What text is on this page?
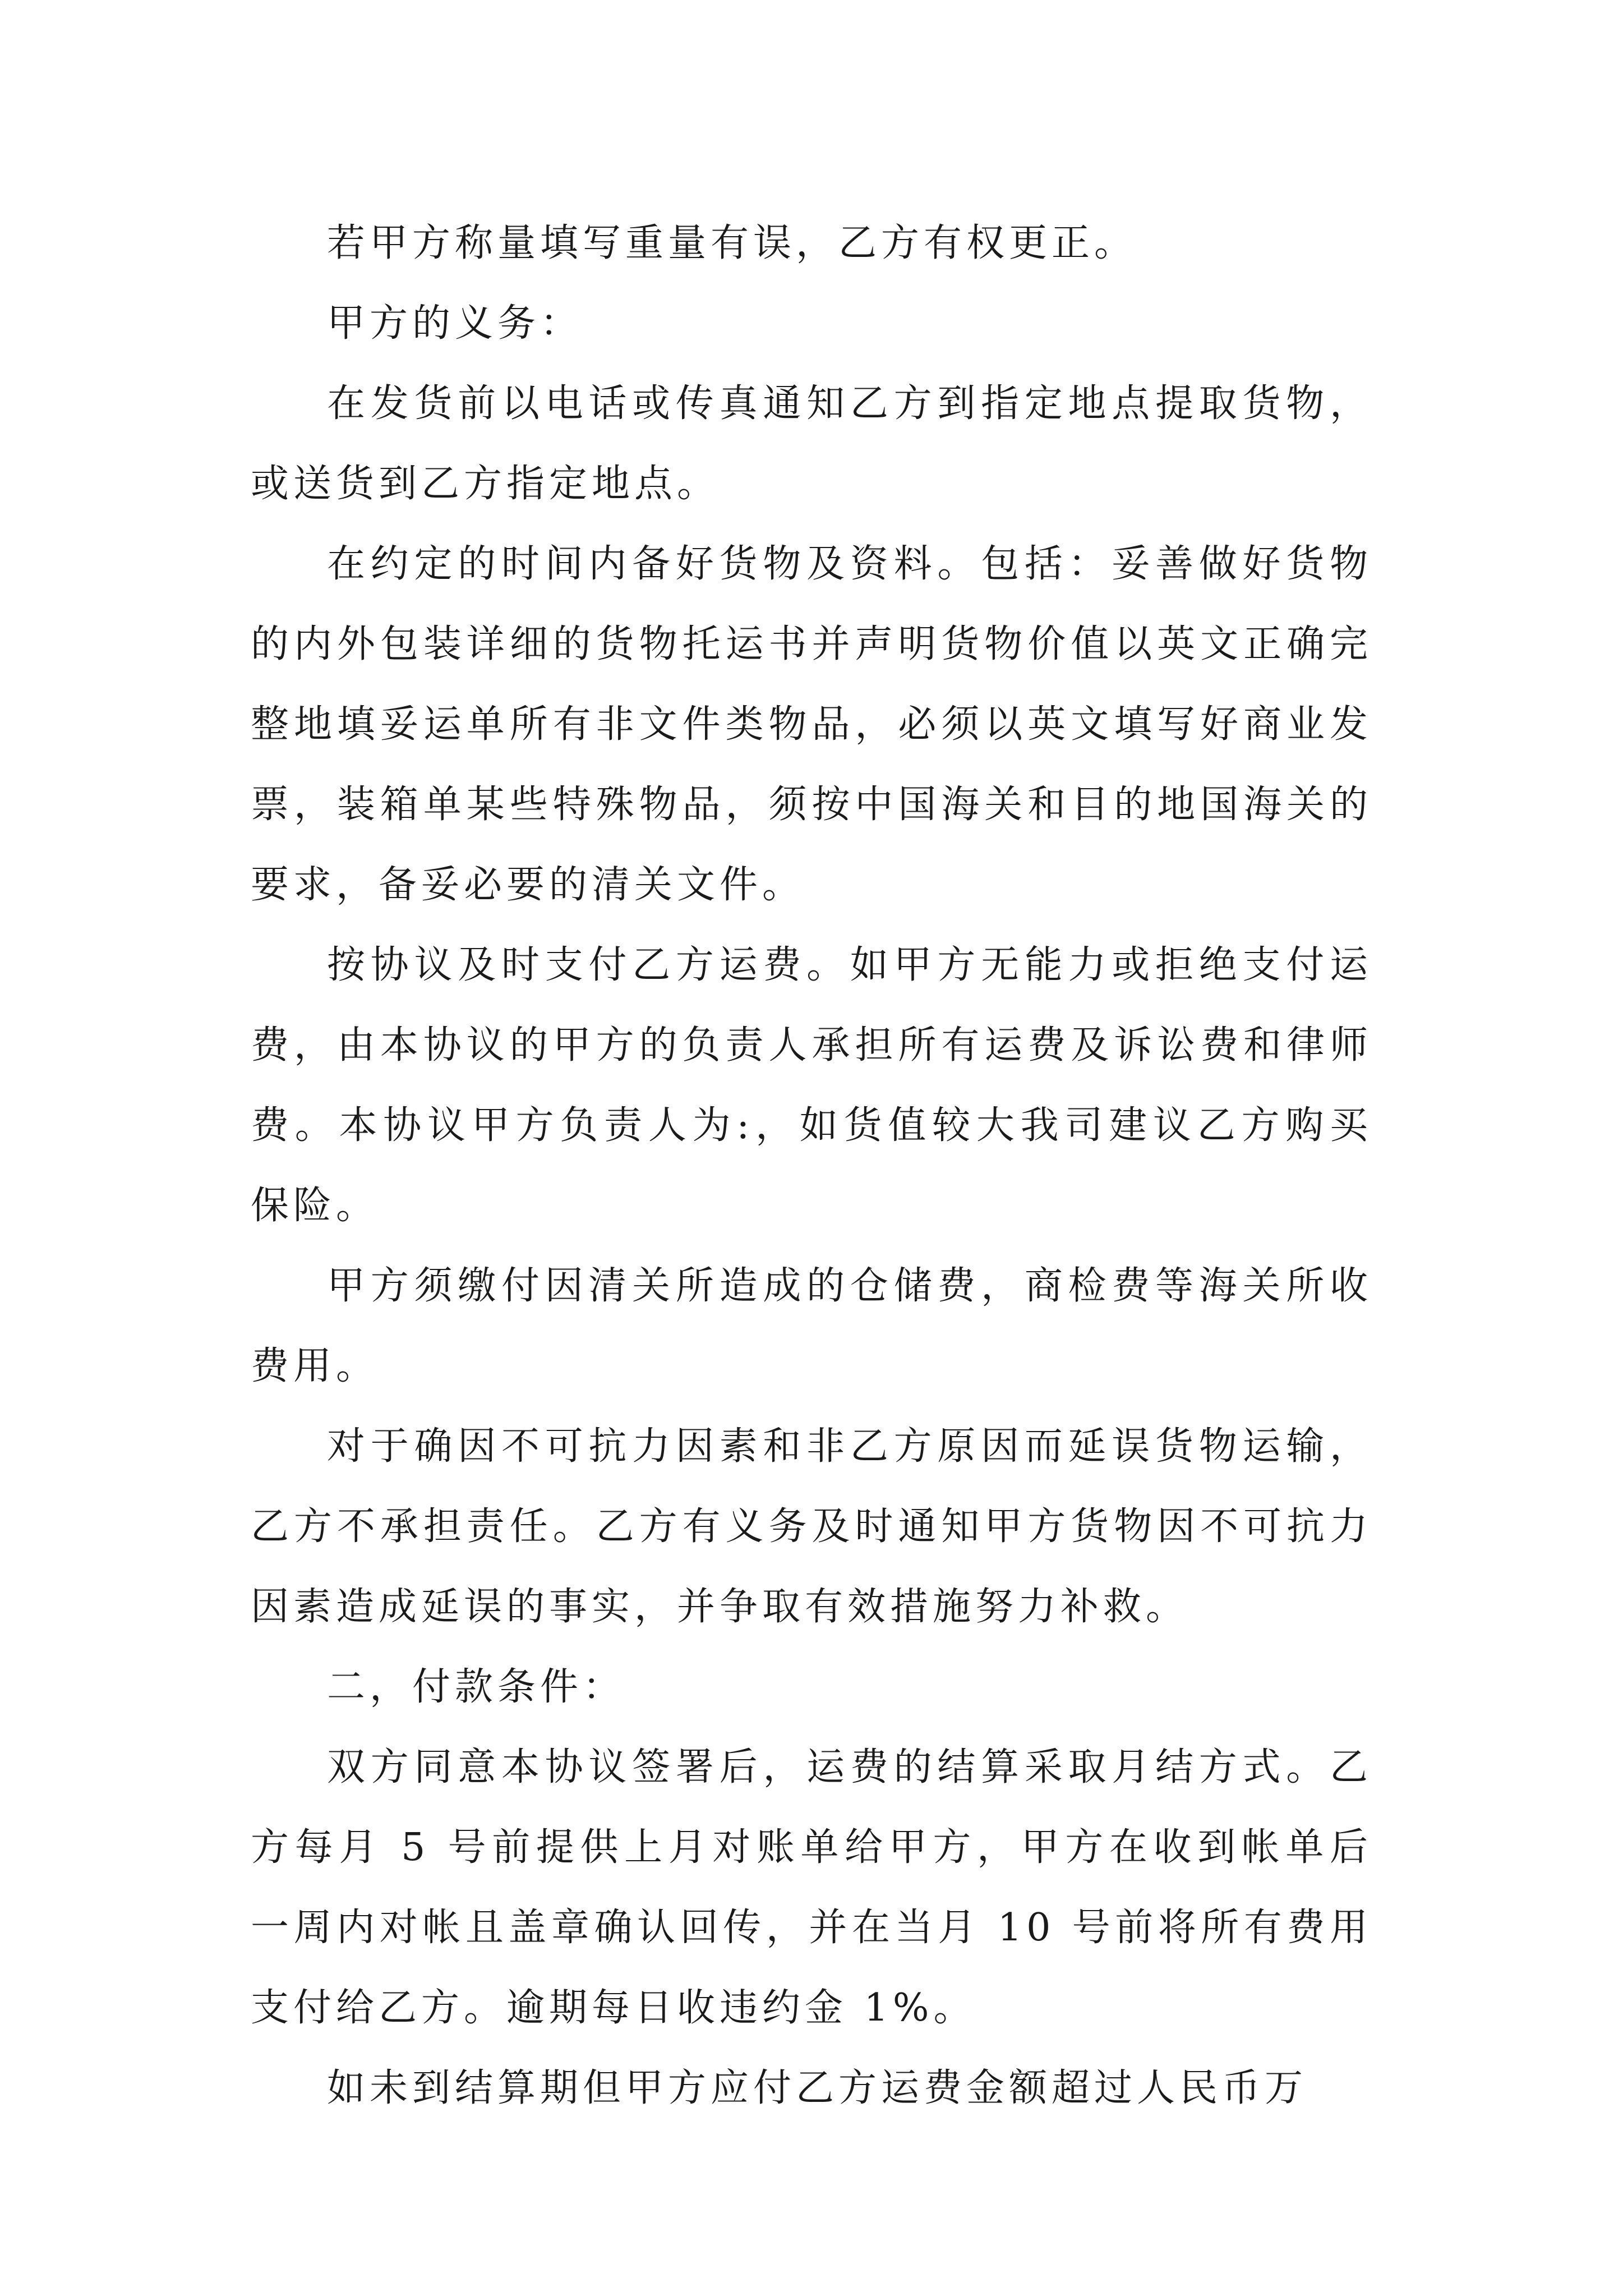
若甲方称量填写重量有误，乙方有权更正。

甲方的义务：

在发货前以电话或传真通知乙方到指定地点提取货物，或送货到乙方指定地点。

在约定的时间内备好货物及资料。包括：妥善做好货物的内外包装详细的货物托运书并声明货物价值以英文正确完整地填妥运单所有非文件类物品，必须以英文填写好商业发票，装箱单某些特殊物品，须按中国海关和目的地国海关的要求，备妥必要的清关文件。

按协议及时支付乙方运费。如甲方无能力或拒绝支付运费，由本协议的甲方的负责人承担所有运费及诉讼费和律师费。本协议甲方负责人为:，如货值较大我司建议乙方购买保险。

甲方须缴付因清关所造成的仓储费，商检费等海关所收费用。

对于确因不可抗力因素和非乙方原因而延误货物运输，乙方不承担责任。乙方有义务及时通知甲方货物因不可抗力因素造成延误的事实，并争取有效措施努力补救。

二，付款条件：

双方同意本协议签署后，运费的结算采取月结方式。乙方每月 5 号前提供上月对账单给甲方，甲方在收到帐单后一周内对帐且盖章确认回传，并在当月 10 号前将所有费用支付给乙方。逾期每日收违约金 1%。

如未到结算期但甲方应付乙方运费金额超过人民币万
